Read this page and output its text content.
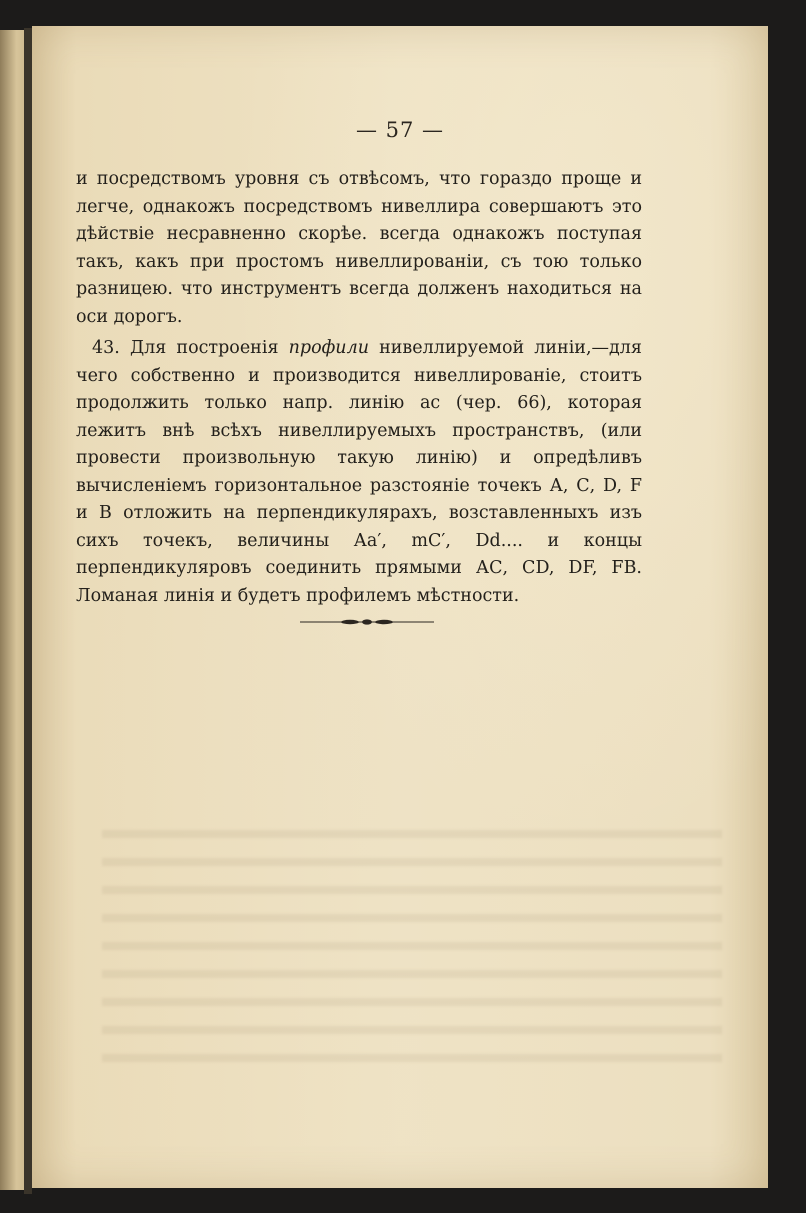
— 57 —

и посредствомъ уровня съ отвѣсомъ, что гораздо проще и легче, однакожъ посредствомъ нивеллира совершаютъ это дѣйствіе несравненно скорѣе. всегда однакожъ поступая такъ, какъ при простомъ нивеллированіи, съ тою только разницею. что инструментъ всегда долженъ находиться на оси дорогъ.

43. Для построенія профили нивеллируемой линіи,—для чего собственно и производится нивеллированіе, стоитъ продолжить только напр. линію ас (чер. 66), которая лежитъ внѣ всѣхъ нивеллируемыхъ пространствъ, (или провести произвольную такую линію) и опредѣливъ вычисленіемъ горизонтальное разстояніе точекъ А, С, D, F и В отложить на перпендикулярахъ, возставленныхъ изъ сихъ точекъ, величины Аа′, mC′, Dd.... и концы перпендикуляровъ соединить прямыми АС, CD, DF, FB. Ломаная линія и будетъ профилемъ мѣстности.
